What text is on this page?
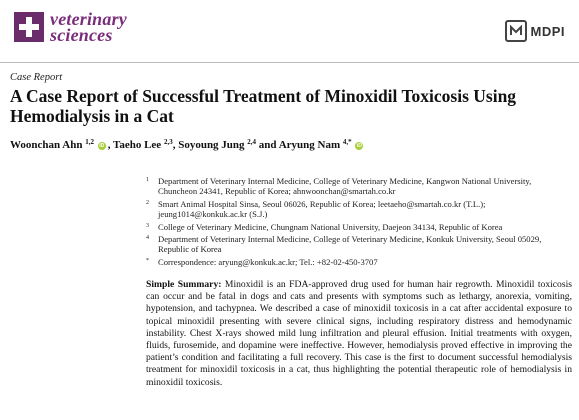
veterinary
sciences	MDPI
Case Report
A Case Report of Successful Treatment of Minoxidil Toxicosis Using Hemodialysis in a Cat
Woonchan Ahn $^{1,2}$ iD , Taeho Lee $^{2,3}$, Soyoung Jung $^{2,4}$ and Aryung Nam $^{4,*}$ iD
1	Department of Veterinary Internal Medicine, College of Veterinary Medicine, Kangwon National University, Chuncheon 24341, Republic of Korea; ahnwoonchan@smartah.co.kr
2	Smart Animal Hospital Sinsa, Seoul 06026, Republic of Korea; leetaeho@smartah.co.kr (T.L.); jeung1014@konkuk.ac.kr (S.J.)
3	College of Veterinary Medicine, Chungnam National University, Daejeon 34134, Republic of Korea
4	Department of Veterinary Internal Medicine, College of Veterinary Medicine, Konkuk University, Seoul 05029, Republic of Korea
*	Correspondence: aryung@konkuk.ac.kr; Tel.: +82-02-450-3707
Simple Summary: Minoxidil is an FDA-approved drug used for human hair regrowth. Minoxidil toxicosis can occur and be fatal in dogs and cats and presents with symptoms such as lethargy, anorexia, vomiting, hypotension, and tachypnea. We described a case of minoxidil toxicosis in a cat after accidental exposure to topical minoxidil presenting with severe clinical signs, including respiratory distress and hemodynamic instability. Chest X-rays showed mild lung infiltration and pleural effusion. Initial treatments with oxygen, fluids, furosemide, and dopamine were ineffective. However, hemodialysis proved effective in improving the patient’s condition and facilitating a full recovery. This case is the first to document successful hemodialysis treatment for minoxidil toxicosis in a cat, thus highlighting the potential therapeutic role of hemodialysis in minoxidil toxicosis.
